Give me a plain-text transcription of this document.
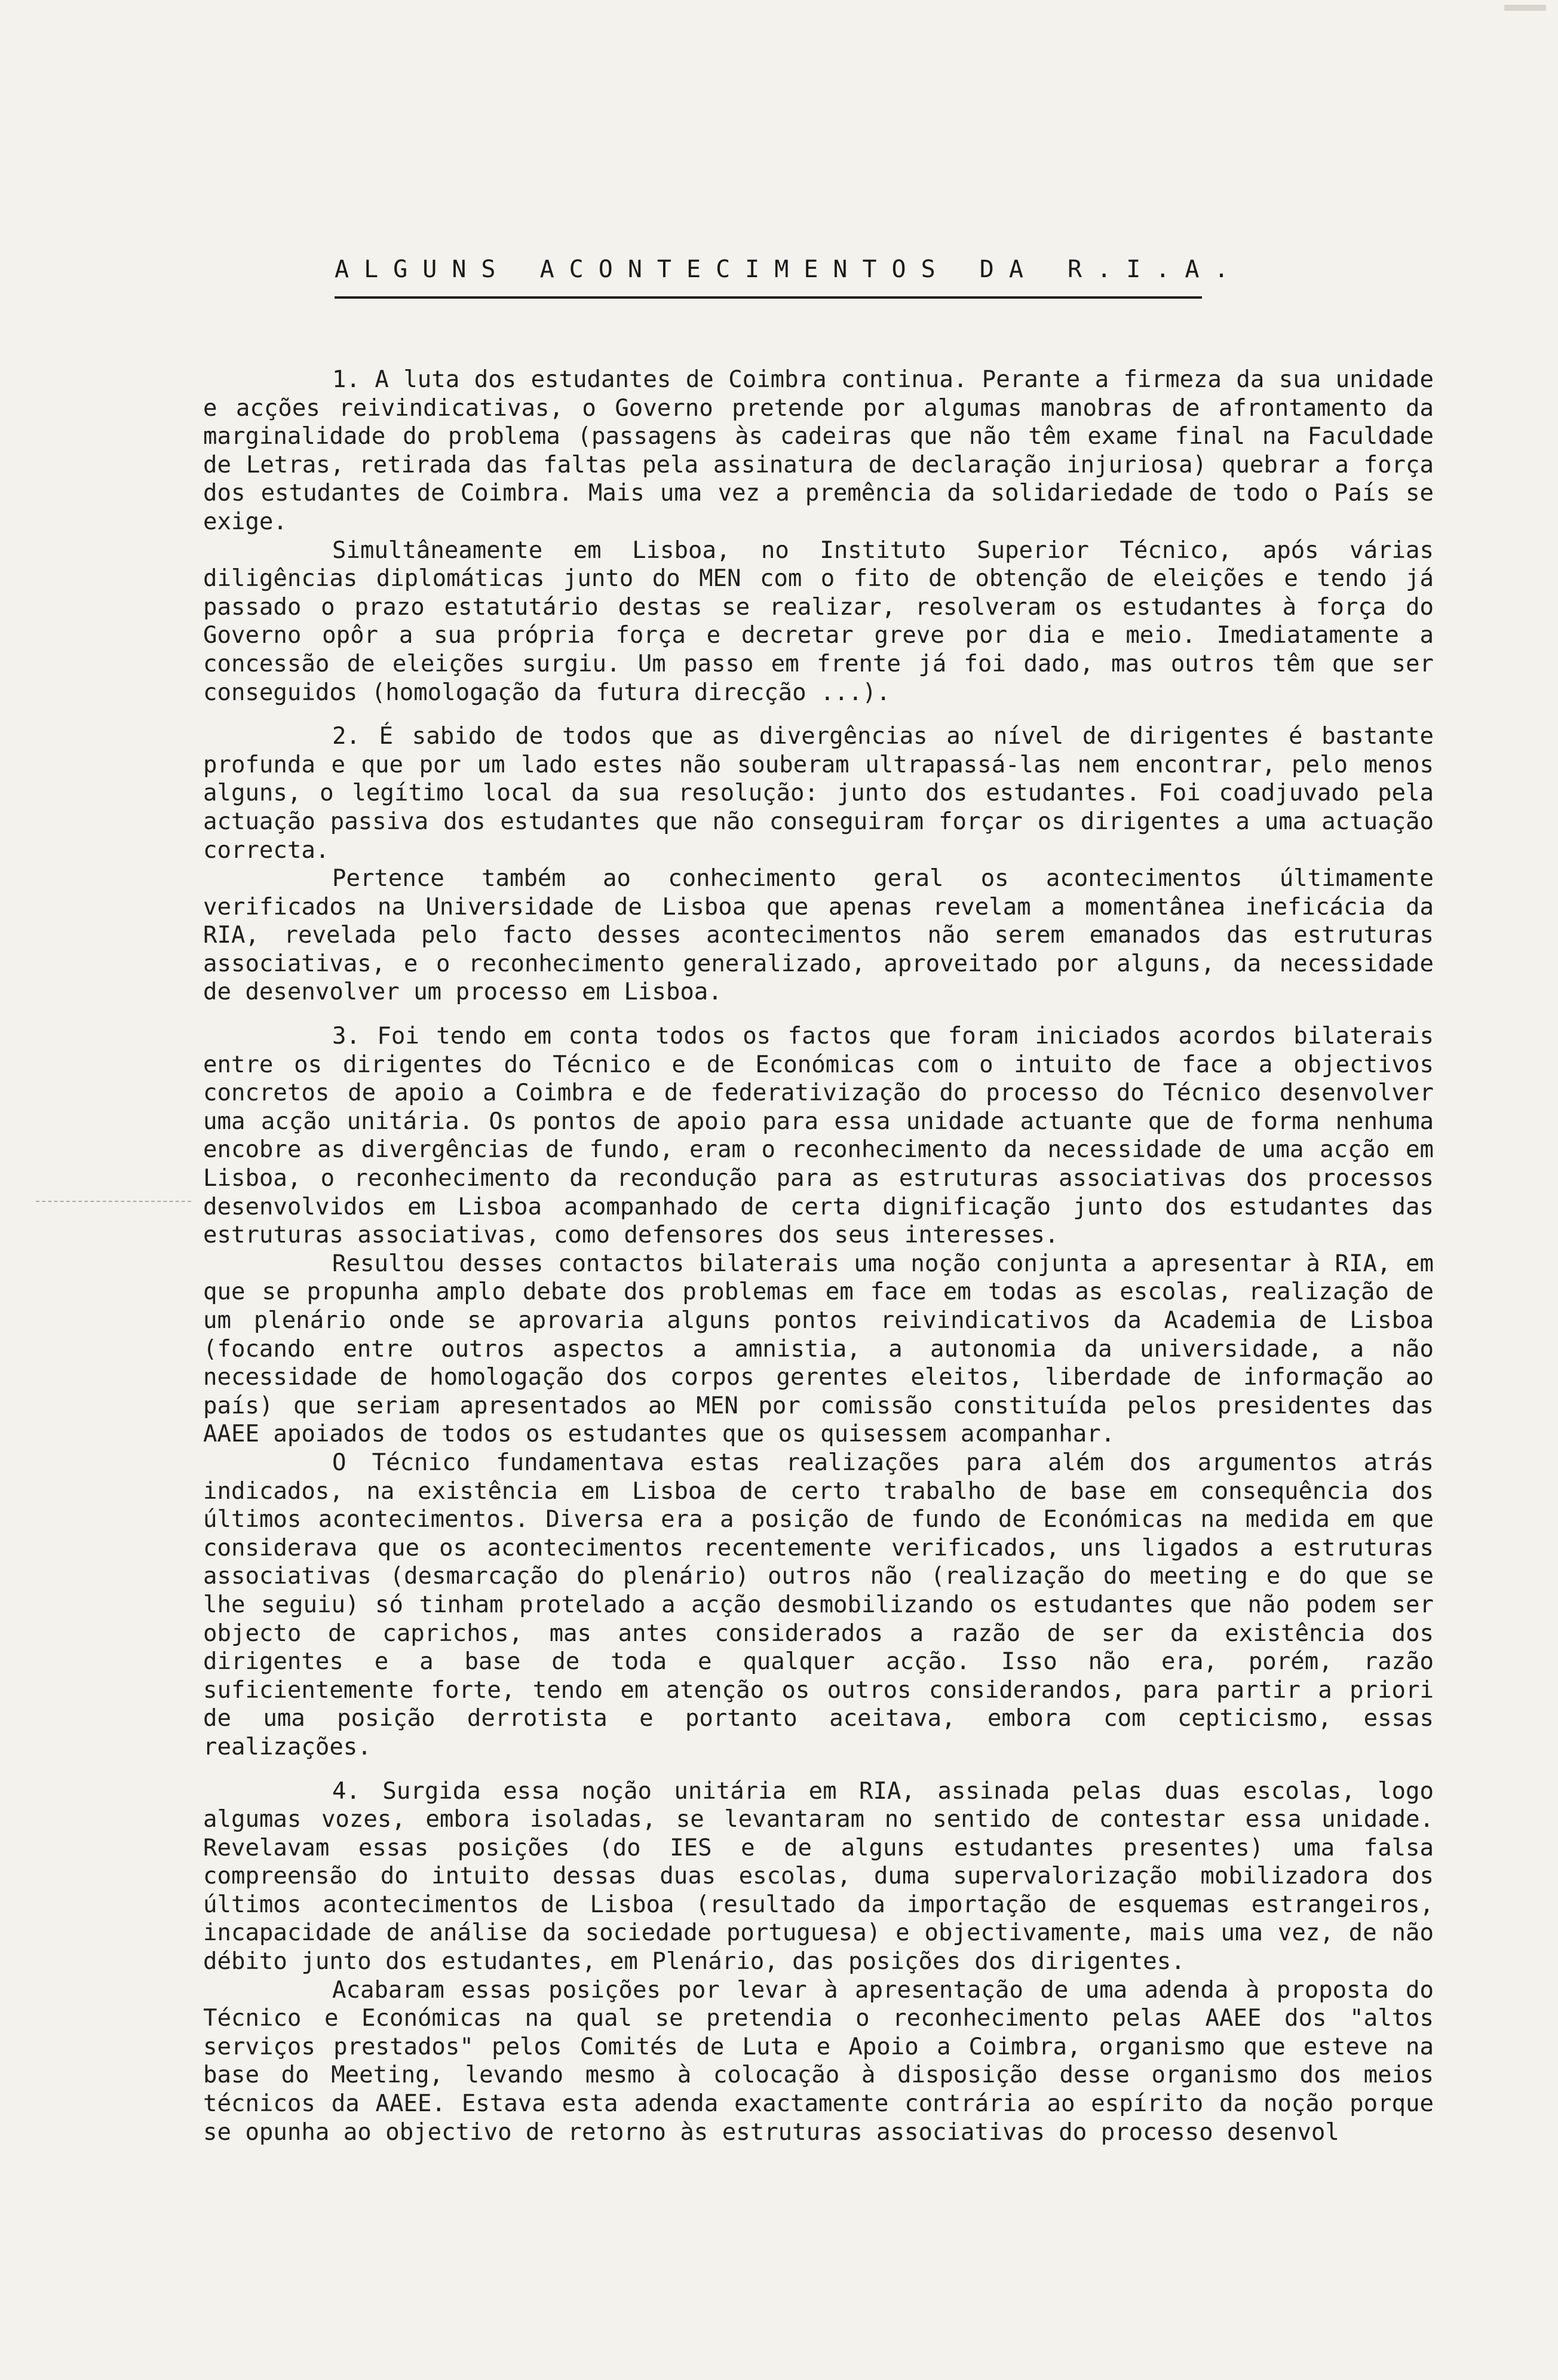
ALGUNS ACONTECIMENTOS DA R.I.A.

1. A luta dos estudantes de Coimbra continua. Perante a firmeza da sua unidade e acções reivindicativas, o Governo pretende por algumas manobras de afrontamento da marginalidade do problema (passagens às cadeiras que não têm exame final na Faculdade de Letras, retirada das faltas pela assinatura de declaração injuriosa) quebrar a força dos estudantes de Coimbra. Mais uma vez a premência da solidariedade de todo o País se exige.

Simultâneamente em Lisboa, no Instituto Superior Técnico, após várias diligências diplomáticas junto do MEN com o fito de obtenção de eleições e tendo já passado o prazo estatutário destas se realizar, resolveram os estudantes à força do Governo opôr a sua própria força e decretar greve por dia e meio. Imediatamente a concessão de eleições surgiu. Um passo em frente já foi dado, mas outros têm que ser conseguidos (homologação da futura direcção ...).

2. É sabido de todos que as divergências ao nível de dirigentes é bastante profunda e que por um lado estes não souberam ultrapassá-las nem encontrar, pelo menos alguns, o legítimo local da sua resolução: junto dos estudantes. Foi coadjuvado pela actuação passiva dos estudantes que não conseguiram forçar os dirigentes a uma actuação correcta.

Pertence também ao conhecimento geral os acontecimentos últimamente verificados na Universidade de Lisboa que apenas revelam a momentânea ineficácia da RIA, revelada pelo facto desses acontecimentos não serem emanados das estruturas associativas, e o reconhecimento generalizado, aproveitado por alguns, da necessidade de desenvolver um processo em Lisboa.

3. Foi tendo em conta todos os factos que foram iniciados acordos bilaterais entre os dirigentes do Técnico e de Económicas com o intuito de face a objectivos concretos de apoio a Coimbra e de federativização do processo do Técnico desenvolver uma acção unitária. Os pontos de apoio para essa unidade actuante que de forma nenhuma encobre as divergências de fundo, eram o reconhecimento da necessidade de uma acção em Lisboa, o reconhecimento da recondução para as estruturas associativas dos processos desenvolvidos em Lisboa acompanhado de certa dignificação junto dos estudantes das estruturas associativas, como defensores dos seus interesses.

Resultou desses contactos bilaterais uma noção conjunta a apresentar à RIA, em que se propunha amplo debate dos problemas em face em todas as escolas, realização de um plenário onde se aprovaria alguns pontos reivindicativos da Academia de Lisboa (focando entre outros aspectos a amnistia, a autonomia da universidade, a não necessidade de homologação dos corpos gerentes eleitos, liberdade de informação ao país) que seriam apresentados ao MEN por comissão constituída pelos presidentes das AAEE apoiados de todos os estudantes que os quisessem acompanhar.

O Técnico fundamentava estas realizações para além dos argumentos atrás indicados, na existência em Lisboa de certo trabalho de base em consequência dos últimos acontecimentos. Diversa era a posição de fundo de Económicas na medida em que considerava que os acontecimentos recentemente verificados, uns ligados a estruturas associativas (desmarcação do plenário) outros não (realização do meeting e do que se lhe seguiu) só tinham protelado a acção desmobilizando os estudantes que não podem ser objecto de caprichos, mas antes considerados a razão de ser da existência dos dirigentes e a base de toda e qualquer acção. Isso não era, porém, razão suficientemente forte, tendo em atenção os outros considerandos, para partir a priori de uma posição derrotista e portanto aceitava, embora com cepticismo, essas realizações.

4. Surgida essa noção unitária em RIA, assinada pelas duas escolas, logo algumas vozes, embora isoladas, se levantaram no sentido de contestar essa unidade. Revelavam essas posições (do IES e de alguns estudantes presentes) uma falsa compreensão do intuito dessas duas escolas, duma supervalorização mobilizadora dos últimos acontecimentos de Lisboa (resultado da importação de esquemas estrangeiros, incapacidade de análise da sociedade portuguesa) e objectivamente, mais uma vez, de não débito junto dos estudantes, em Plenário, das posições dos dirigentes.

Acabaram essas posições por levar à apresentação de uma adenda à proposta do Técnico e Económicas na qual se pretendia o reconhecimento pelas AAEE dos "altos serviços prestados" pelos Comités de Luta e Apoio a Coimbra, organismo que esteve na base do Meeting, levando mesmo à colocação à disposição desse organismo dos meios técnicos da AAEE. Estava esta adenda exactamente contrária ao espírito da noção porque se opunha ao objectivo de retorno às estruturas associativas do processo desenvol
